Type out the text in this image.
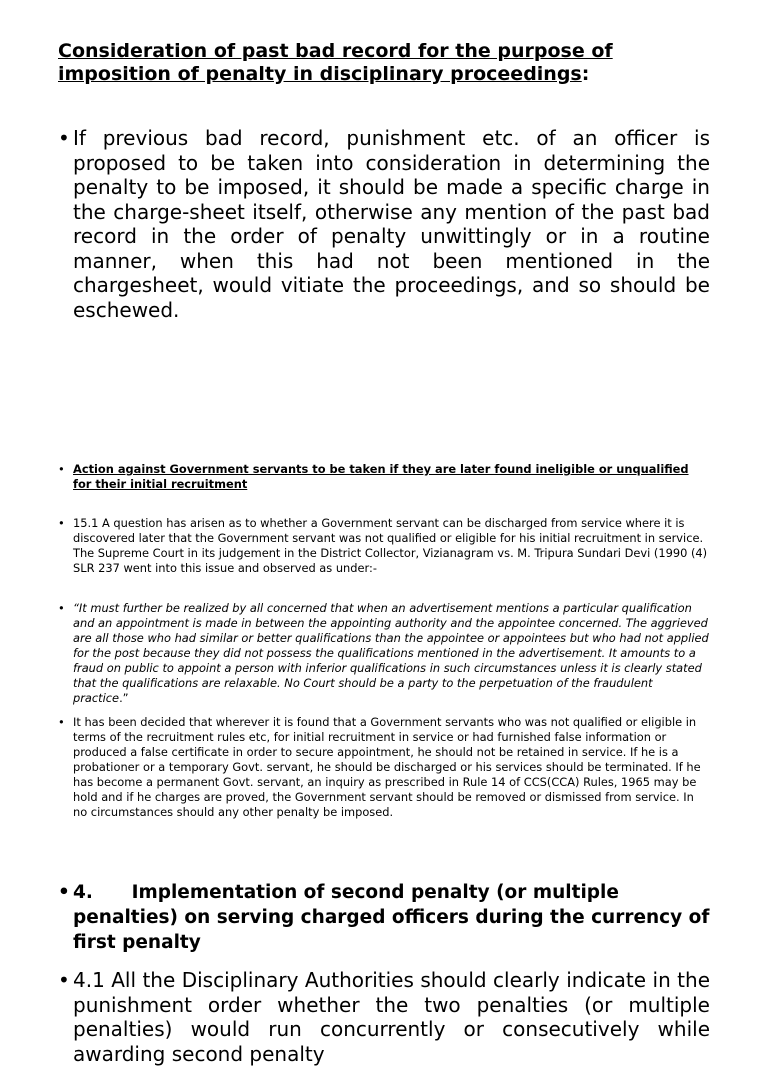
Consideration of past bad record for the purpose of imposition of penalty in disciplinary proceedings:
• If previous bad record, punishment etc. of an officer is proposed to be taken into consideration in determining the penalty to be imposed, it should be made a specific charge in the charge-sheet itself, otherwise any mention of the past bad record in the order of penalty unwittingly or in a routine manner, when this had not been mentioned in the chargesheet, would vitiate the proceedings, and so should be eschewed.
• Action against Government servants to be taken if they are later found ineligible or unqualified for their initial recruitment
• 15.1 A question has arisen as to whether a Government servant can be discharged from service where it is discovered later that the Government servant was not qualified or eligible for his initial recruitment in service. The Supreme Court in its judgement in the District Collector, Vizianagram vs. M. Tripura Sundari Devi (1990 (4) SLR 237 went into this issue and observed as under:-
• “It must further be realized by all concerned that when an advertisement mentions a particular qualification and an appointment is made in between the appointing authority and the appointee concerned. The aggrieved are all those who had similar or better qualifications than the appointee or appointees but who had not applied for the post because they did not possess the qualifications mentioned in the advertisement. It amounts to a fraud on public to appoint a person with inferior qualifications in such circumstances unless it is clearly stated that the qualifications are relaxable. No Court should be a party to the perpetuation of the fraudulent practice.”
• It has been decided that wherever it is found that a Government servants who was not qualified or eligible in terms of the recruitment rules etc, for initial recruitment in service or had furnished false information or produced a false certificate in order to secure appointment, he should not be retained in service. If he is a probationer or a temporary Govt. servant, he should be discharged or his services should be terminated. If he has become a permanent Govt. servant, an inquiry as prescribed in Rule 14 of CCS(CCA) Rules, 1965 may be hold and if he charges are proved, the Government servant should be removed or dismissed from service. In no circumstances should any other penalty be imposed.
• 4. Implementation of second penalty (or multiple penalties) on serving charged officers during the currency of first penalty
• 4.1 All the Disciplinary Authorities should clearly indicate in the punishment order whether the two penalties (or multiple penalties) would run concurrently or consecutively while awarding second penalty
